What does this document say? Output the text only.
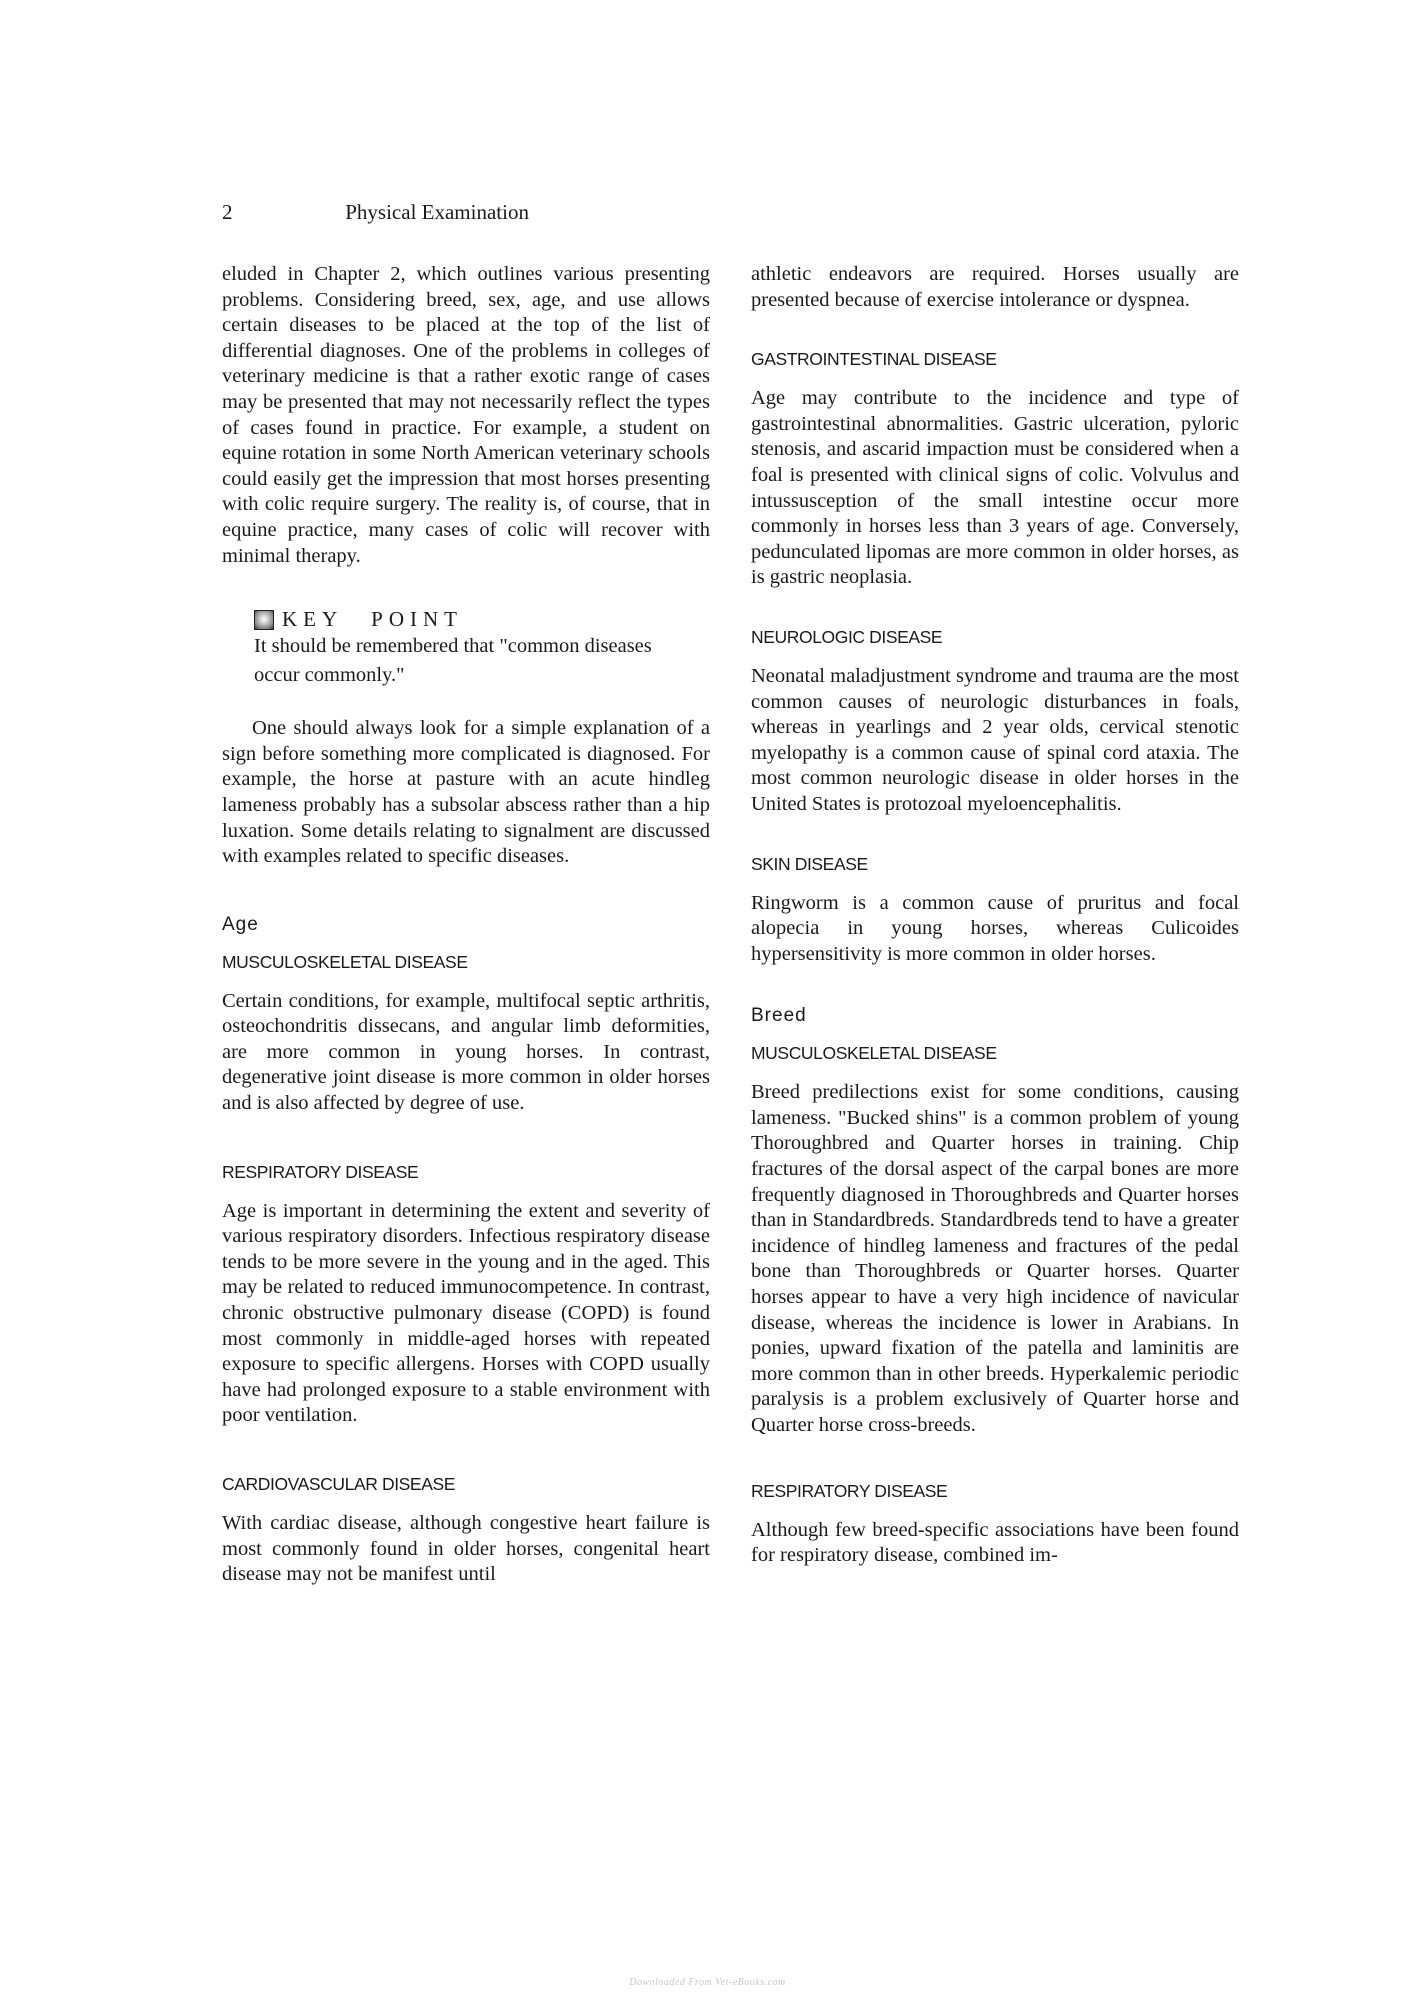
2	Physical Examination

eluded in Chapter 2, which outlines various presenting problems. Considering breed, sex, age, and use allows certain diseases to be placed at the top of the list of differential diagnoses. One of the problems in colleges of veterinary medicine is that a rather exotic range of cases may be presented that may not necessarily reflect the types of cases found in practice. For example, a student on equine rotation in some North American veterinary schools could easily get the impression that most horses presenting with colic require surgery. The reality is, of course, that in equine practice, many cases of colic will recover with minimal therapy.

KEY POINT
It should be remembered that "common diseases occur commonly."

One should always look for a simple explanation of a sign before something more complicated is diagnosed. For example, the horse at pasture with an acute hindleg lameness probably has a subsolar abscess rather than a hip luxation. Some details relating to signalment are discussed with examples related to specific diseases.

Age
MUSCULOSKELETAL DISEASE

Certain conditions, for example, multifocal septic arthritis, osteochondritis dissecans, and angular limb deformities, are more common in young horses. In contrast, degenerative joint disease is more common in older horses and is also affected by degree of use.

RESPIRATORY DISEASE

Age is important in determining the extent and severity of various respiratory disorders. Infectious respiratory disease tends to be more severe in the young and in the aged. This may be related to reduced immunocompetence. In contrast, chronic obstructive pulmonary disease (COPD) is found most commonly in middle-aged horses with repeated exposure to specific allergens. Horses with COPD usually have had prolonged exposure to a stable environment with poor ventilation.

CARDIOVASCULAR DISEASE

With cardiac disease, although congestive heart failure is most commonly found in older horses, congenital heart disease may not be manifest until

athletic endeavors are required. Horses usually are presented because of exercise intolerance or dyspnea.

GASTROINTESTINAL DISEASE

Age may contribute to the incidence and type of gastrointestinal abnormalities. Gastric ulceration, pyloric stenosis, and ascarid impaction must be considered when a foal is presented with clinical signs of colic. Volvulus and intussusception of the small intestine occur more commonly in horses less than 3 years of age. Conversely, pedunculated lipomas are more common in older horses, as is gastric neoplasia.

NEUROLOGIC DISEASE

Neonatal maladjustment syndrome and trauma are the most common causes of neurologic disturbances in foals, whereas in yearlings and 2 year olds, cervical stenotic myelopathy is a common cause of spinal cord ataxia. The most common neurologic disease in older horses in the United States is protozoal myeloencephalitis.

SKIN DISEASE

Ringworm is a common cause of pruritus and focal alopecia in young horses, whereas Culicoides hypersensitivity is more common in older horses.

Breed
MUSCULOSKELETAL DISEASE

Breed predilections exist for some conditions, causing lameness. "Bucked shins" is a common problem of young Thoroughbred and Quarter horses in training. Chip fractures of the dorsal aspect of the carpal bones are more frequently diagnosed in Thoroughbreds and Quarter horses than in Standardbreds. Standardbreds tend to have a greater incidence of hindleg lameness and fractures of the pedal bone than Thoroughbreds or Quarter horses. Quarter horses appear to have a very high incidence of navicular disease, whereas the incidence is lower in Arabians. In ponies, upward fixation of the patella and laminitis are more common than in other breeds. Hyperkalemic periodic paralysis is a problem exclusively of Quarter horse and Quarter horse cross-breeds.

RESPIRATORY DISEASE

Although few breed-specific associations have been found for respiratory disease, combined im-

Downloaded From Vet-eBooks.com
